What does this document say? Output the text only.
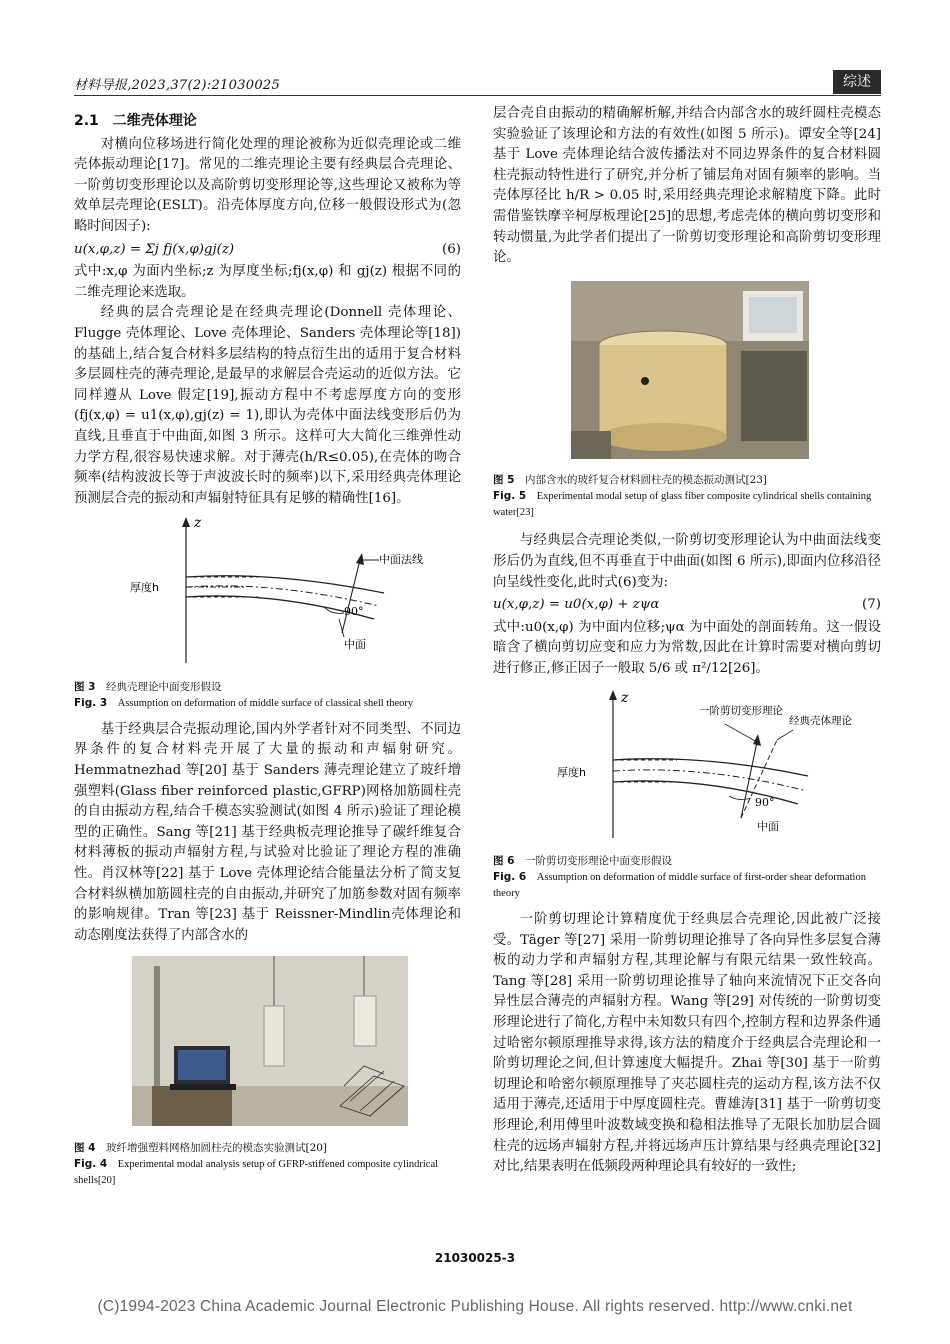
材料导报,2023,37(2):21030025	综述
2.1　二维壳体理论

对横向位移场进行简化处理的理论被称为近似壳理论或二维壳体振动理论[17]。常见的二维壳理论主要有经典层合壳理论、一阶剪切变形理论以及高阶剪切变形理论等,这些理论又被称为等效单层壳理论(ESLT)。沿壳体厚度方向,位移一般假设形式为(忽略时间因子):

u(x,φ,z) = Σj fj(x,φ)gj(z)	(6)

式中:x,φ 为面内坐标;z 为厚度坐标;fj(x,φ) 和 gj(z) 根据不同的二维壳理论来选取。

经典的层合壳理论是在经典壳理论(Donnell 壳体理论、Flugge 壳体理论、Love 壳体理论、Sanders 壳体理论等[18])的基础上,结合复合材料多层结构的特点衍生出的适用于复合材料多层圆柱壳的薄壳理论,是最早的求解层合壳运动的近似方法。它同样遵从 Love 假定[19],振动方程中不考虑厚度方向的变形(fj(x,φ) = u1(x,φ),gj(z) = 1),即认为壳体中面法线变形后仍为直线,且垂直于中曲面,如图 3 所示。这样可大大简化三维弹性动力学方程,很容易快速求解。对于薄壳(h/R≤0.05),在壳体的吻合频率(结构波波长等于声波波长时的频率)以下,采用经典壳体理论预测层合壳的振动和声辐射特征具有足够的精确性[16]。

z
中面法线
厚度h
90°
中面
图 3　 经典壳理论中面变形假设
Fig. 3　 Assumption on deformation of middle surface of classical shell theory

基于经典层合壳振动理论,国内外学者针对不同类型、不同边界条件的复合材料壳开展了大量的振动和声辐射研究。Hemmatnezhad 等[20] 基于 Sanders 薄壳理论建立了玻纤增强塑料(Glass fiber reinforced plastic,GFRP)网格加筋圆柱壳的自由振动方程,结合千模态实验测试(如图 4 所示)验证了理论模型的正确性。Sang 等[21] 基于经典板壳理论推导了碳纤维复合材料薄板的振动声辐射方程,与试验对比验证了理论方程的准确性。肖汉林等[22] 基于 Love 壳体理论结合能量法分析了简支复合材料纵横加筋圆柱壳的自由振动,并研究了加筋参数对固有频率的影响规律。Tran 等[23] 基于 Reissner-Mindlin壳体理论和动态刚度法获得了内部含水的

图 4　 玻纤增强塑料网格加圆柱壳的模态实验测试[20]
Fig. 4　 Experimental modal analysis setup of GFRP-stiffened composite cylindrical shells[20]

层合壳自由振动的精确解析解,并结合内部含水的玻纤圆柱壳模态实验验证了该理论和方法的有效性(如图 5 所示)。谭安全等[24] 基于 Love 壳体理论结合波传播法对不同边界条件的复合材料圆柱壳振动特性进行了研究,并分析了铺层角对固有频率的影响。当壳体厚径比 h/R > 0.05 时,采用经典壳理论求解精度下降。此时需借鉴铁摩辛柯厚板理论[25]的思想,考虑壳体的横向剪切变形和转动惯量,为此学者们提出了一阶剪切变形理论和高阶剪切变形理论。

图 5　 内部含水的玻纤复合材料圆柱壳的模态振动测试[23]
Fig. 5　 Experimental modal setup of glass fiber composite cylindrical shells containing water[23]

与经典层合壳理论类似,一阶剪切变形理论认为中曲面法线变形后仍为直线,但不再垂直于中曲面(如图 6 所示),即面内位移沿径向呈线性变化,此时式(6)变为:

u(x,φ,z) = u0(x,φ) + zψα	(7)

式中:u0(x,φ) 为中面内位移;ψα 为中面处的剖面转角。这一假设暗含了横向剪切应变和应力为常数,因此在计算时需要对横向剪切进行修正,修正因子一般取 5/6 或 π²/12[26]。

z
一阶剪切变形理论
经典壳体理论
厚度h
90°
中面
图 6　 一阶剪切变形理论中面变形假设
Fig. 6　 Assumption on deformation of middle surface of first-order shear deformation theory

一阶剪切理论计算精度优于经典层合壳理论,因此被广泛接受。Täger 等[27] 采用一阶剪切理论推导了各向异性多层复合薄板的动力学和声辐射方程,其理论解与有限元结果一致性较高。Tang 等[28] 采用一阶剪切理论推导了轴向来流情况下正交各向异性层合薄壳的声辐射方程。Wang 等[29] 对传统的一阶剪切变形理论进行了简化,方程中未知数只有四个,控制方程和边界条件通过哈密尔顿原理推导求得,该方法的精度介于经典层合壳理论和一阶剪切理论之间,但计算速度大幅提升。Zhai 等[30] 基于一阶剪切理论和哈密尔顿原理推导了夹芯圆柱壳的运动方程,该方法不仅适用于薄壳,还适用于中厚度圆柱壳。曹雄涛[31] 基于一阶剪切变形理论,利用傅里叶波数域变换和稳相法推导了无限长加肋层合圆柱壳的远场声辐射方程,并将远场声压计算结果与经典壳理论[32] 对比,结果表明在低频段两种理论具有较好的一致性;

21030025-3
(C)1994-2023 China Academic Journal Electronic Publishing House. All rights reserved. http://www.cnki.net
